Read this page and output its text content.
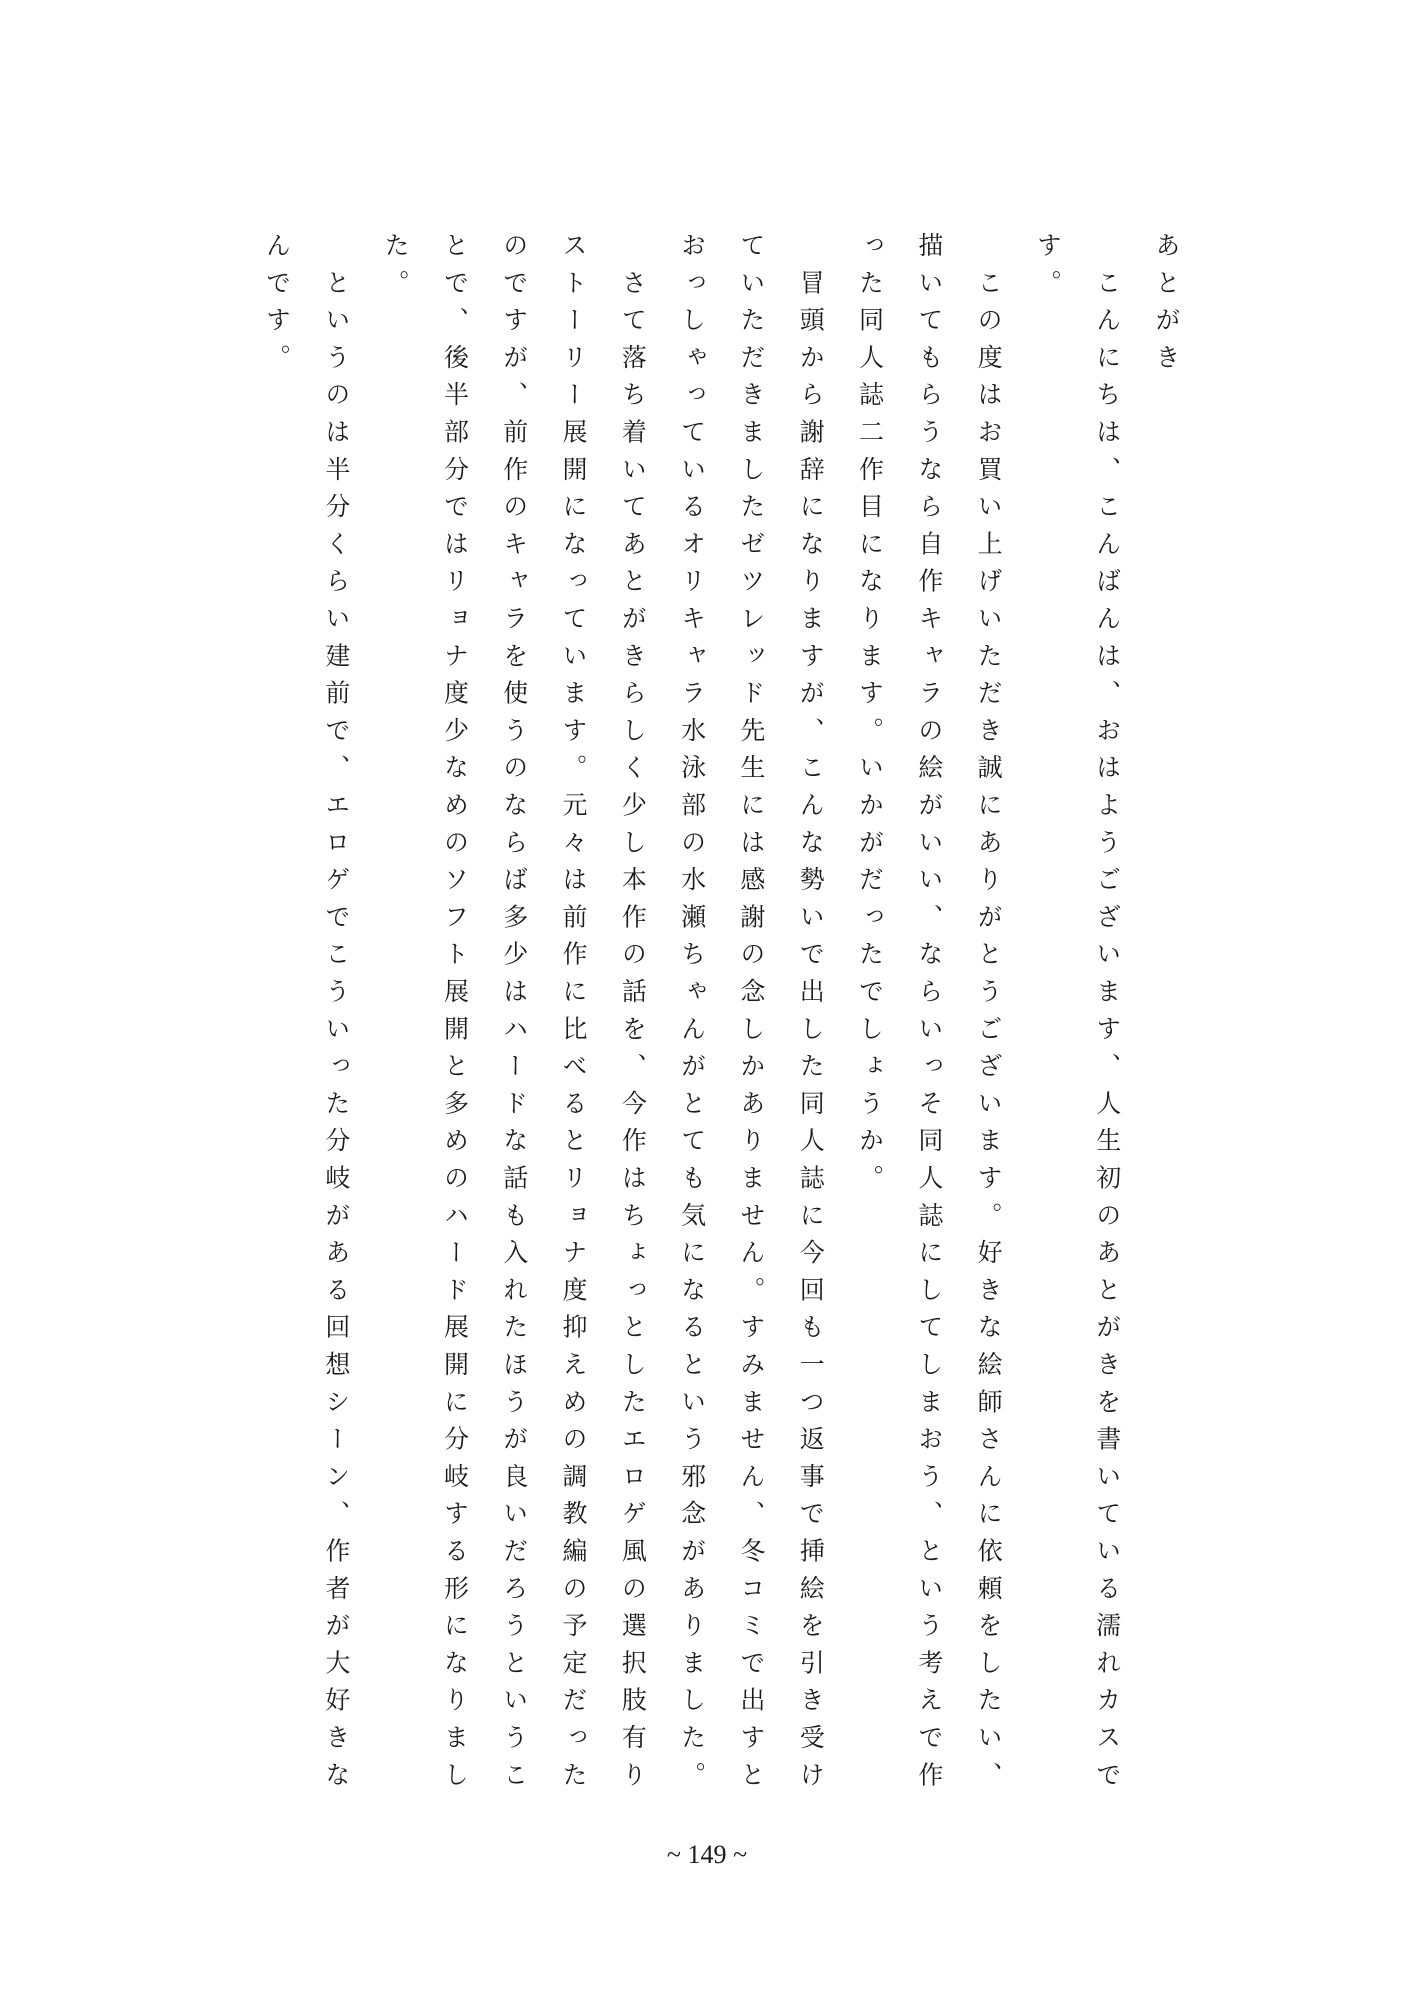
あとがき

　こんにちは、こんばんは、おはようございます、人生初のあとがきを書いている濡れカスで
す。

　この度はお買い上げいただき誠にありがとうございます。好きな絵師さんに依頼をしたい、
描いてもらうなら自作キャラの絵がいい、ならいっそ同人誌にしてしまおう、という考えで作
った同人誌二作目になります。いかがだったでしょうか。

　冒頭から謝辞になりますが、こんな勢いで出した同人誌に今回も一つ返事で挿絵を引き受け
ていただきましたゼツレッド先生には感謝の念しかありません。すみません、冬コミで出すと
おっしゃっているオリキャラ水泳部の水瀬ちゃんがとても気になるという邪念がありました。

　さて落ち着いてあとがきらしく少し本作の話を、今作はちょっとしたエロゲ風の選択肢有り
ストーリー展開になっています。元々は前作に比べるとリョナ度抑えめの調教編の予定だった
のですが、前作のキャラを使うのならば多少はハードな話も入れたほうが良いだろうというこ
とで、後半部分ではリョナ度少なめのソフト展開と多めのハード展開に分岐する形になりまし
た。

　というのは半分くらい建前で、エロゲでこういった分岐がある回想シーン、作者が大好きな
んです。

~ 149 ~
